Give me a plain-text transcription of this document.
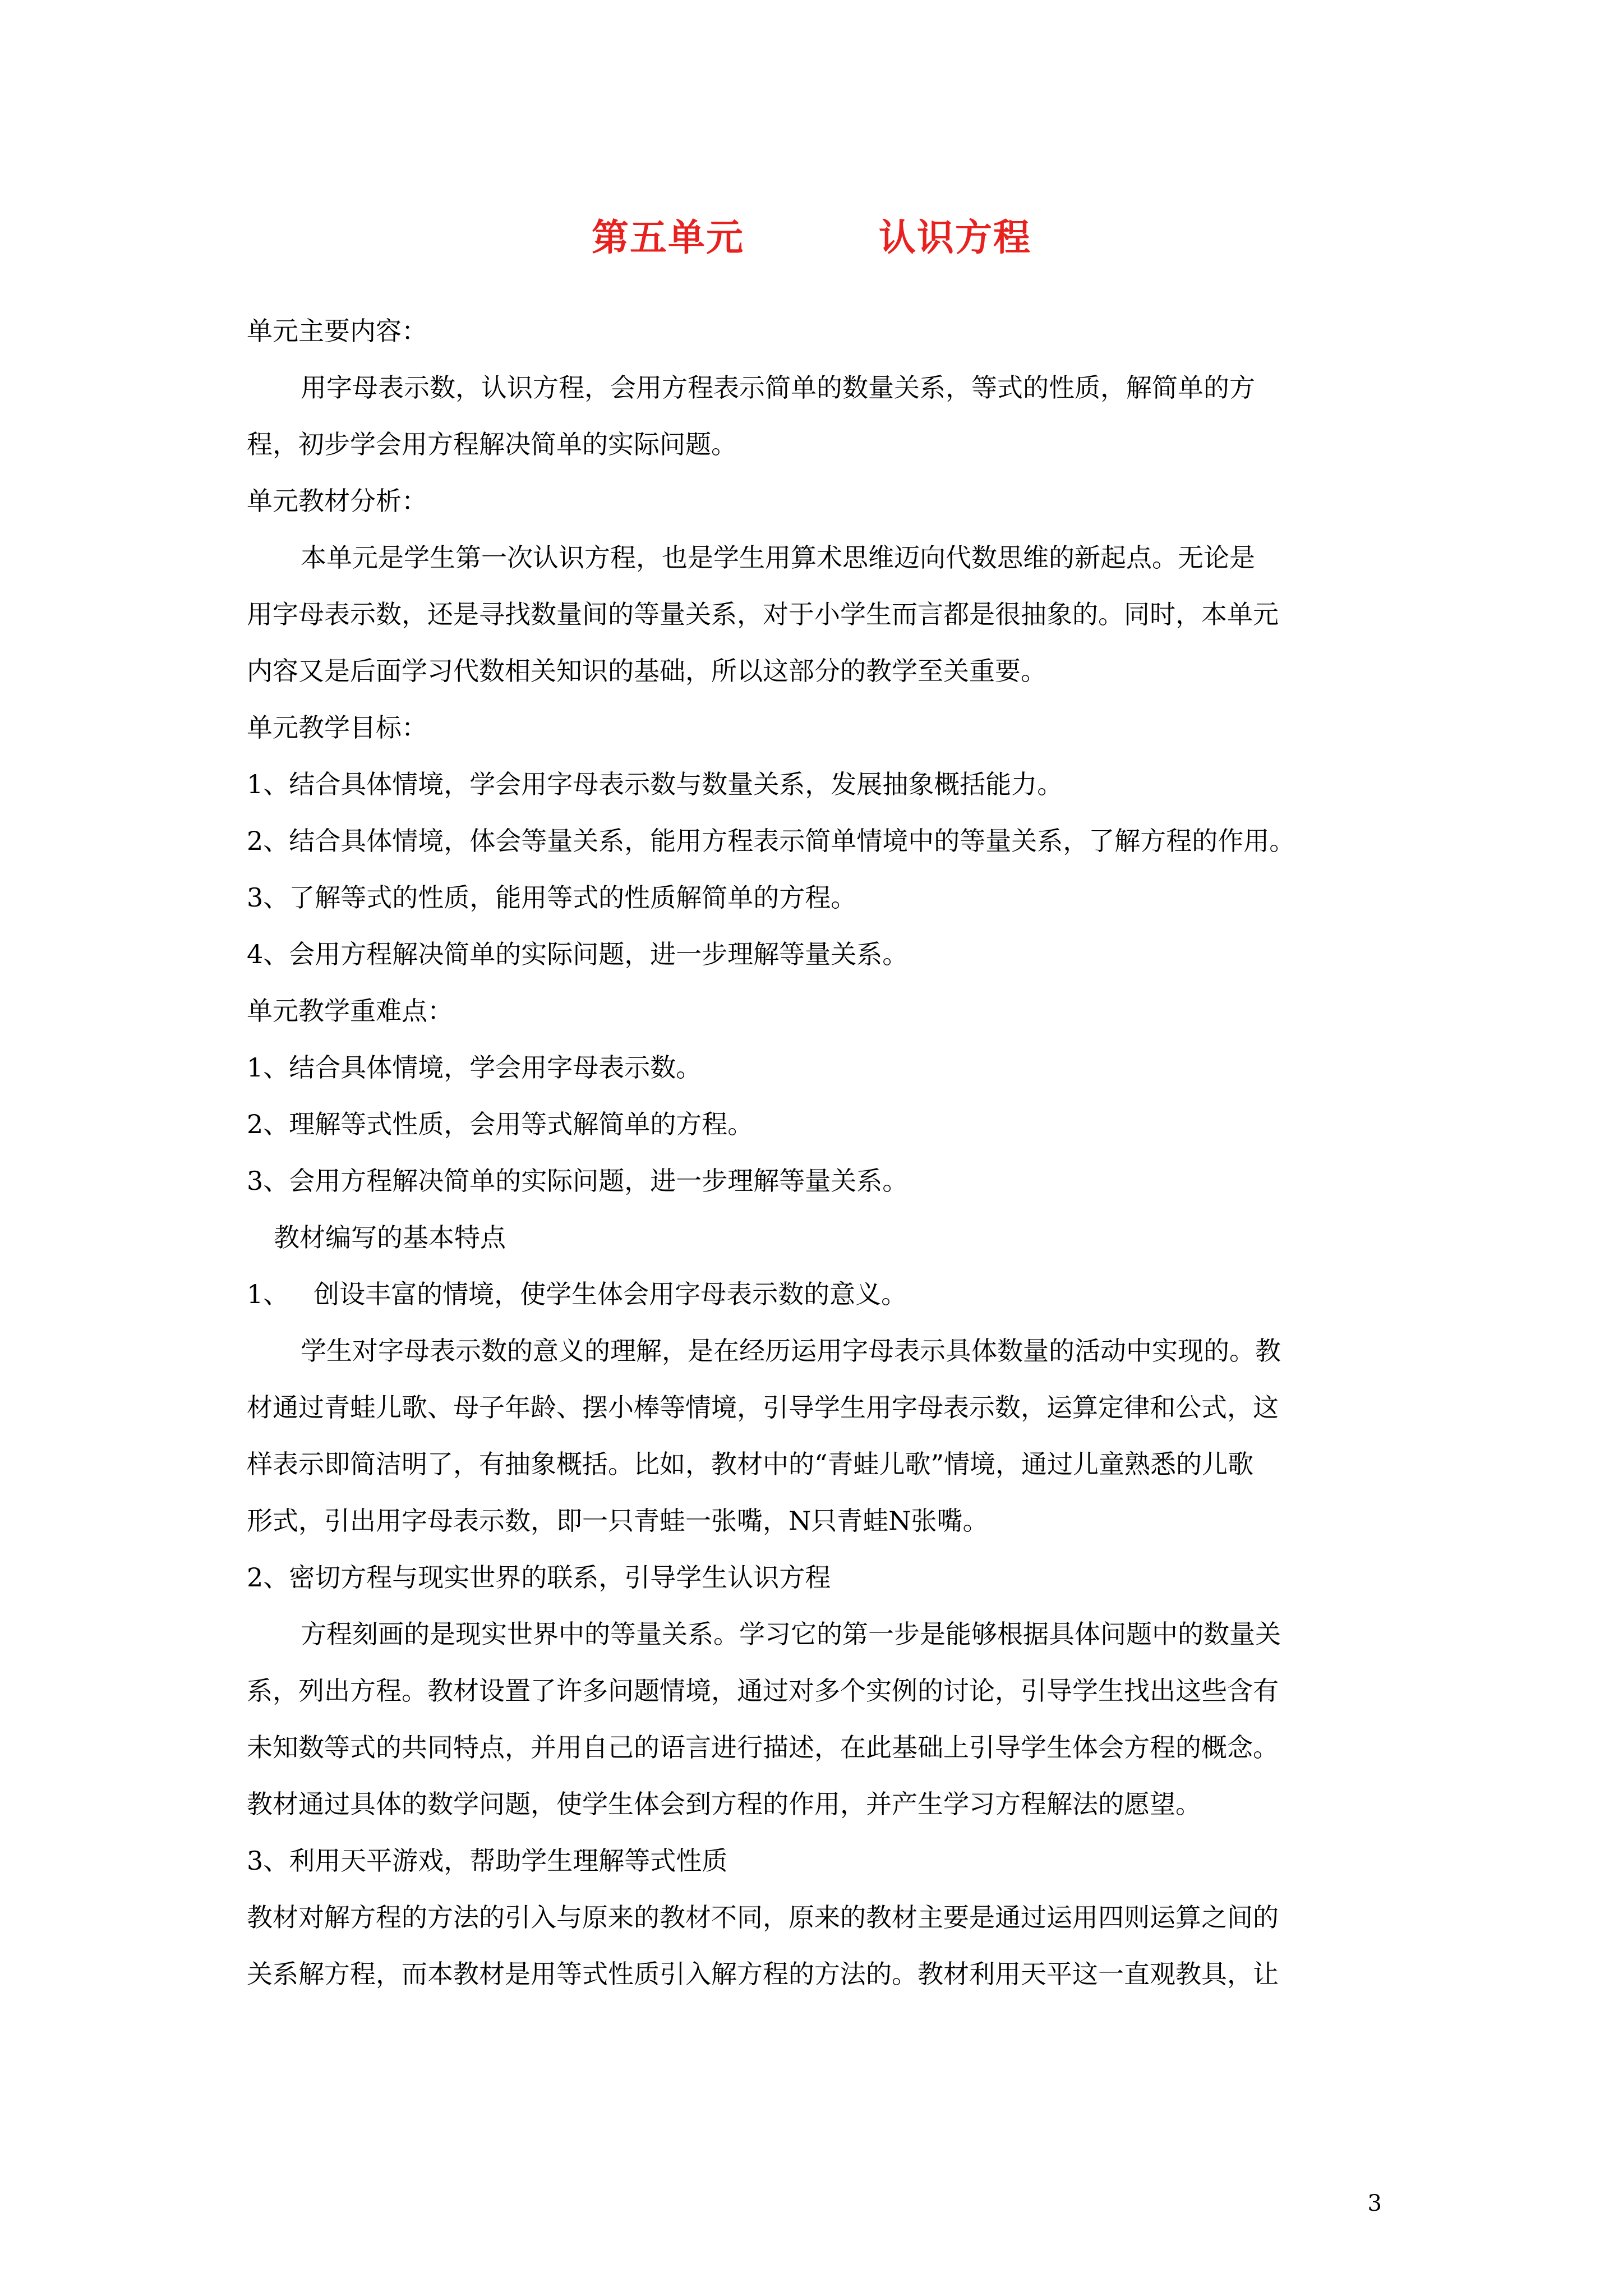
第五单元	认识方程

单元主要内容：

用字母表示数，认识方程，会用方程表示简单的数量关系，等式的性质，解简单的方

程，初步学会用方程解决简单的实际问题。

单元教材分析：

本单元是学生第一次认识方程，也是学生用算术思维迈向代数思维的新起点。无论是

用字母表示数，还是寻找数量间的等量关系，对于小学生而言都是很抽象的。同时，本单元

内容又是后面学习代数相关知识的基础，所以这部分的教学至关重要。

单元教学目标：

1、结合具体情境，学会用字母表示数与数量关系，发展抽象概括能力。

2、结合具体情境，体会等量关系，能用方程表示简单情境中的等量关系，了解方程的作用。

3、了解等式的性质，能用等式的性质解简单的方程。

4、会用方程解决简单的实际问题，进一步理解等量关系。

单元教学重难点：

1、结合具体情境，学会用字母表示数。

2、理解等式性质，会用等式解简单的方程。

3、会用方程解决简单的实际问题，进一步理解等量关系。

教材编写的基本特点

1、   创设丰富的情境，使学生体会用字母表示数的意义。

学生对字母表示数的意义的理解，是在经历运用字母表示具体数量的活动中实现的。教

材通过青蛙儿歌、母子年龄、摆小棒等情境，引导学生用字母表示数，运算定律和公式，这

样表示即简洁明了，有抽象概括。比如，教材中的“青蛙儿歌”情境，通过儿童熟悉的儿歌

形式，引出用字母表示数，即一只青蛙一张嘴，N只青蛙N张嘴。

2、密切方程与现实世界的联系，引导学生认识方程

方程刻画的是现实世界中的等量关系。学习它的第一步是能够根据具体问题中的数量关

系，列出方程。教材设置了许多问题情境，通过对多个实例的讨论，引导学生找出这些含有

未知数等式的共同特点，并用自己的语言进行描述，在此基础上引导学生体会方程的概念。

教材通过具体的数学问题，使学生体会到方程的作用，并产生学习方程解法的愿望。

3、利用天平游戏，帮助学生理解等式性质

教材对解方程的方法的引入与原来的教材不同，原来的教材主要是通过运用四则运算之间的

关系解方程，而本教材是用等式性质引入解方程的方法的。教材利用天平这一直观教具，让

3
